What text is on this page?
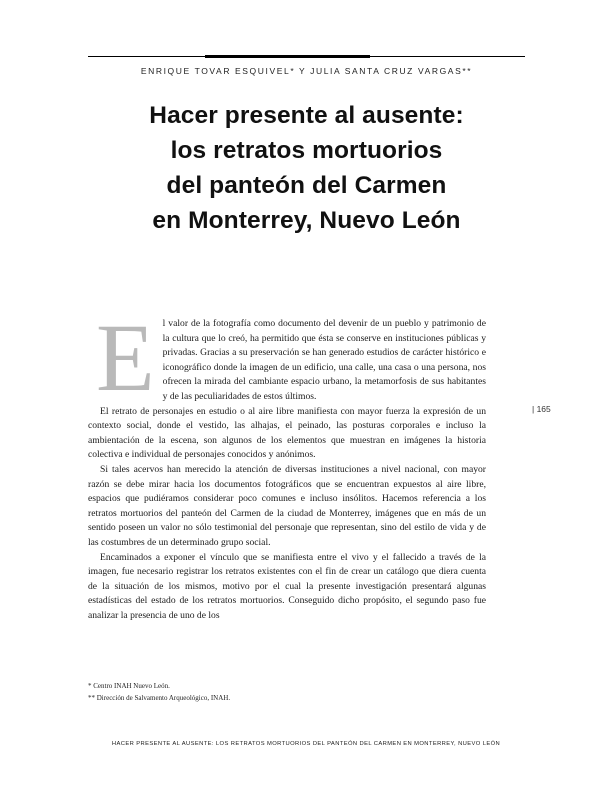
ENRIQUE TOVAR ESQUIVEL* Y JULIA SANTA CRUZ VARGAS**
Hacer presente al ausente:
los retratos mortuorios
del panteón del Carmen
en Monterrey, Nuevo León

El valor de la fotografía como documento del devenir de un pueblo y patrimonio de la cultura que lo creó, ha permitido que ésta se conserve en instituciones públicas y privadas. Gracias a su preservación se han generado estudios de carácter histórico e iconográfico donde la imagen de un edificio, una calle, una casa o una persona, nos ofrecen la mirada del cambiante espacio urbano, la metamorfosis de sus habitantes y de las peculiaridades de estos últimos.

El retrato de personajes en estudio o al aire libre manifiesta con mayor fuerza la expresión de un contexto social, donde el vestido, las alhajas, el peinado, las posturas corporales e incluso la ambientación de la escena, son algunos de los elementos que muestran en imágenes la historia colectiva e individual de personajes conocidos y anónimos.

Si tales acervos han merecido la atención de diversas instituciones a nivel nacional, con mayor razón se debe mirar hacia los documentos fotográficos que se encuentran expuestos al aire libre, espacios que pudiéramos considerar poco comunes e incluso insólitos. Hacemos referencia a los retratos mortuorios del panteón del Carmen de la ciudad de Monterrey, imágenes que en más de un sentido poseen un valor no sólo testimonial del personaje que representan, sino del estilo de vida y de las costumbres de un determinado grupo social.

Encaminados a exponer el vínculo que se manifiesta entre el vivo y el fallecido a través de la imagen, fue necesario registrar los retratos existentes con el fin de crear un catálogo que diera cuenta de la situación de los mismos, motivo por el cual la presente investigación presentará algunas estadísticas del estado de los retratos mortuorios. Conseguido dicho propósito, el segundo paso fue analizar la presencia de uno de los

| 165
* Centro INAH Nuevo León.
** Dirección de Salvamento Arqueológico, INAH.
HACER PRESENTE AL AUSENTE: LOS RETRATOS MORTUORIOS DEL PANTEÓN DEL CARMEN EN MONTERREY, NUEVO LEÓN
